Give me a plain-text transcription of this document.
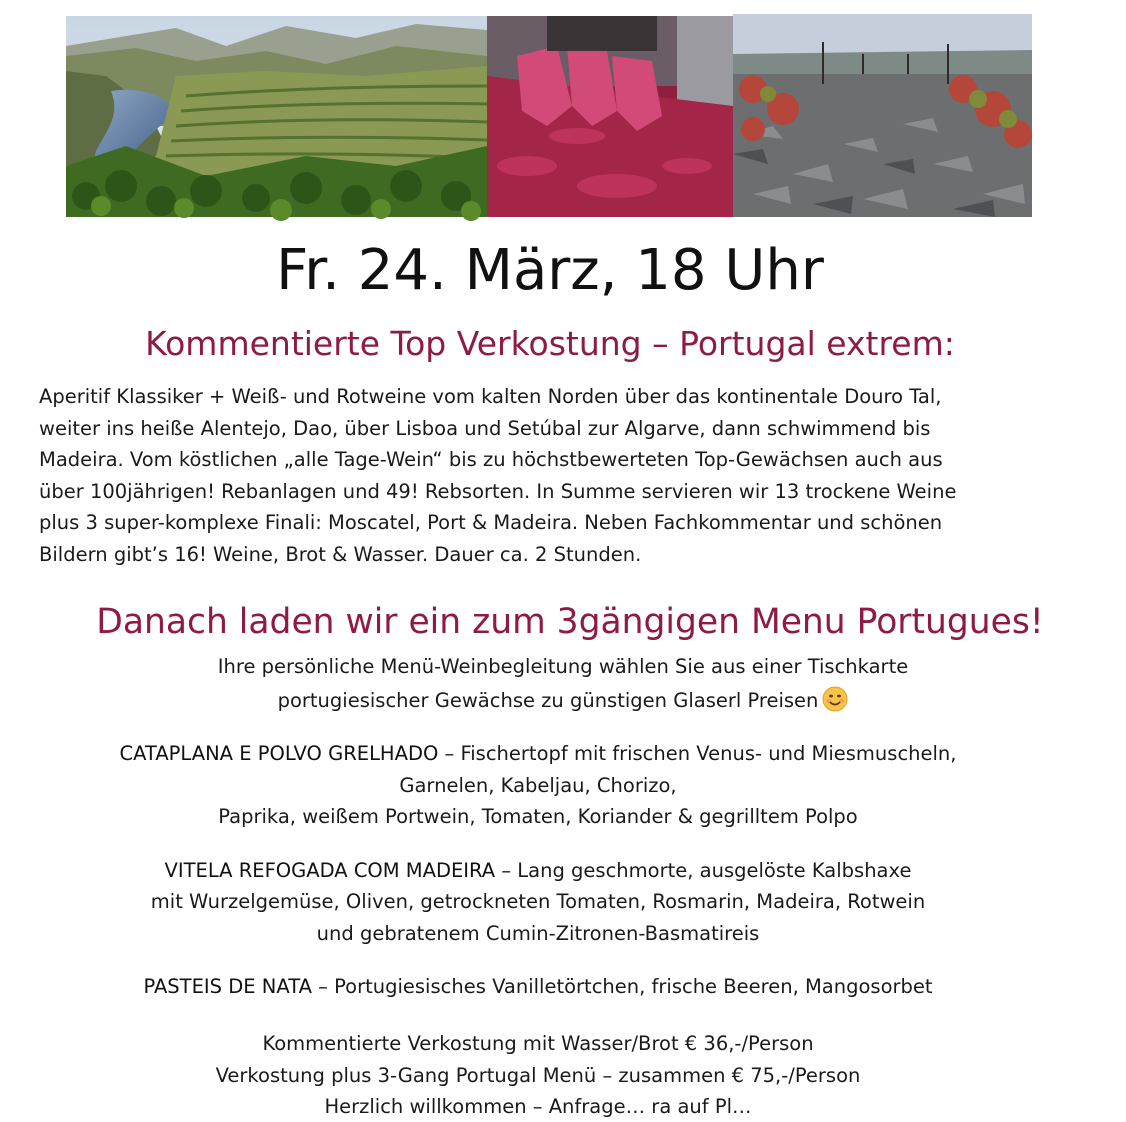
Fr. 24. März, 18 Uhr
Kommentierte Top Verkostung – Portugal extrem:

Aperitif Klassiker + Weiß- und Rotweine vom kalten Norden über das kontinentale Douro Tal,

weiter ins heiße Alentejo, Dao, über Lisboa und Setúbal zur Algarve, dann schwimmend bis

Madeira. Vom köstlichen „alle Tage-Wein“ bis zu höchstbewerteten Top-Gewächsen auch aus

über 100jährigen! Rebanlagen und 49! Rebsorten. In Summe servieren wir 13 trockene Weine

plus 3 super-komplexe Finali: Moscatel, Port & Madeira. Neben Fachkommentar und schönen

Bildern gibt’s 16! Weine, Brot & Wasser. Dauer ca. 2 Stunden.

Danach laden wir ein zum 3gängigen Menu Portugues!

Ihre persönliche Menü-Weinbegleitung wählen Sie aus einer Tischkarte

portugiesischer Gewächse zu günstigen Glaserl Preisen

CATAPLANA E POLVO GRELHADO – Fischertopf mit frischen Venus- und Miesmuscheln,

Garnelen, Kabeljau, Chorizo,

Paprika, weißem Portwein, Tomaten, Koriander & gegrilltem Polpo

VITELA REFOGADA COM MADEIRA – Lang geschmorte, ausgelöste Kalbshaxe

mit Wurzelgemüse, Oliven, getrockneten Tomaten, Rosmarin, Madeira, Rotwein

und gebratenem Cumin-Zitronen-Basmatireis

PASTEIS DE NATA – Portugiesisches Vanilletörtchen, frische Beeren, Mangosorbet

Kommentierte Verkostung mit Wasser/Brot € 36,-/Person

Verkostung plus 3-Gang Portugal Menü – zusammen € 75,-/Person

Herzlich willkommen – Anfrage… ra auf Pl…
